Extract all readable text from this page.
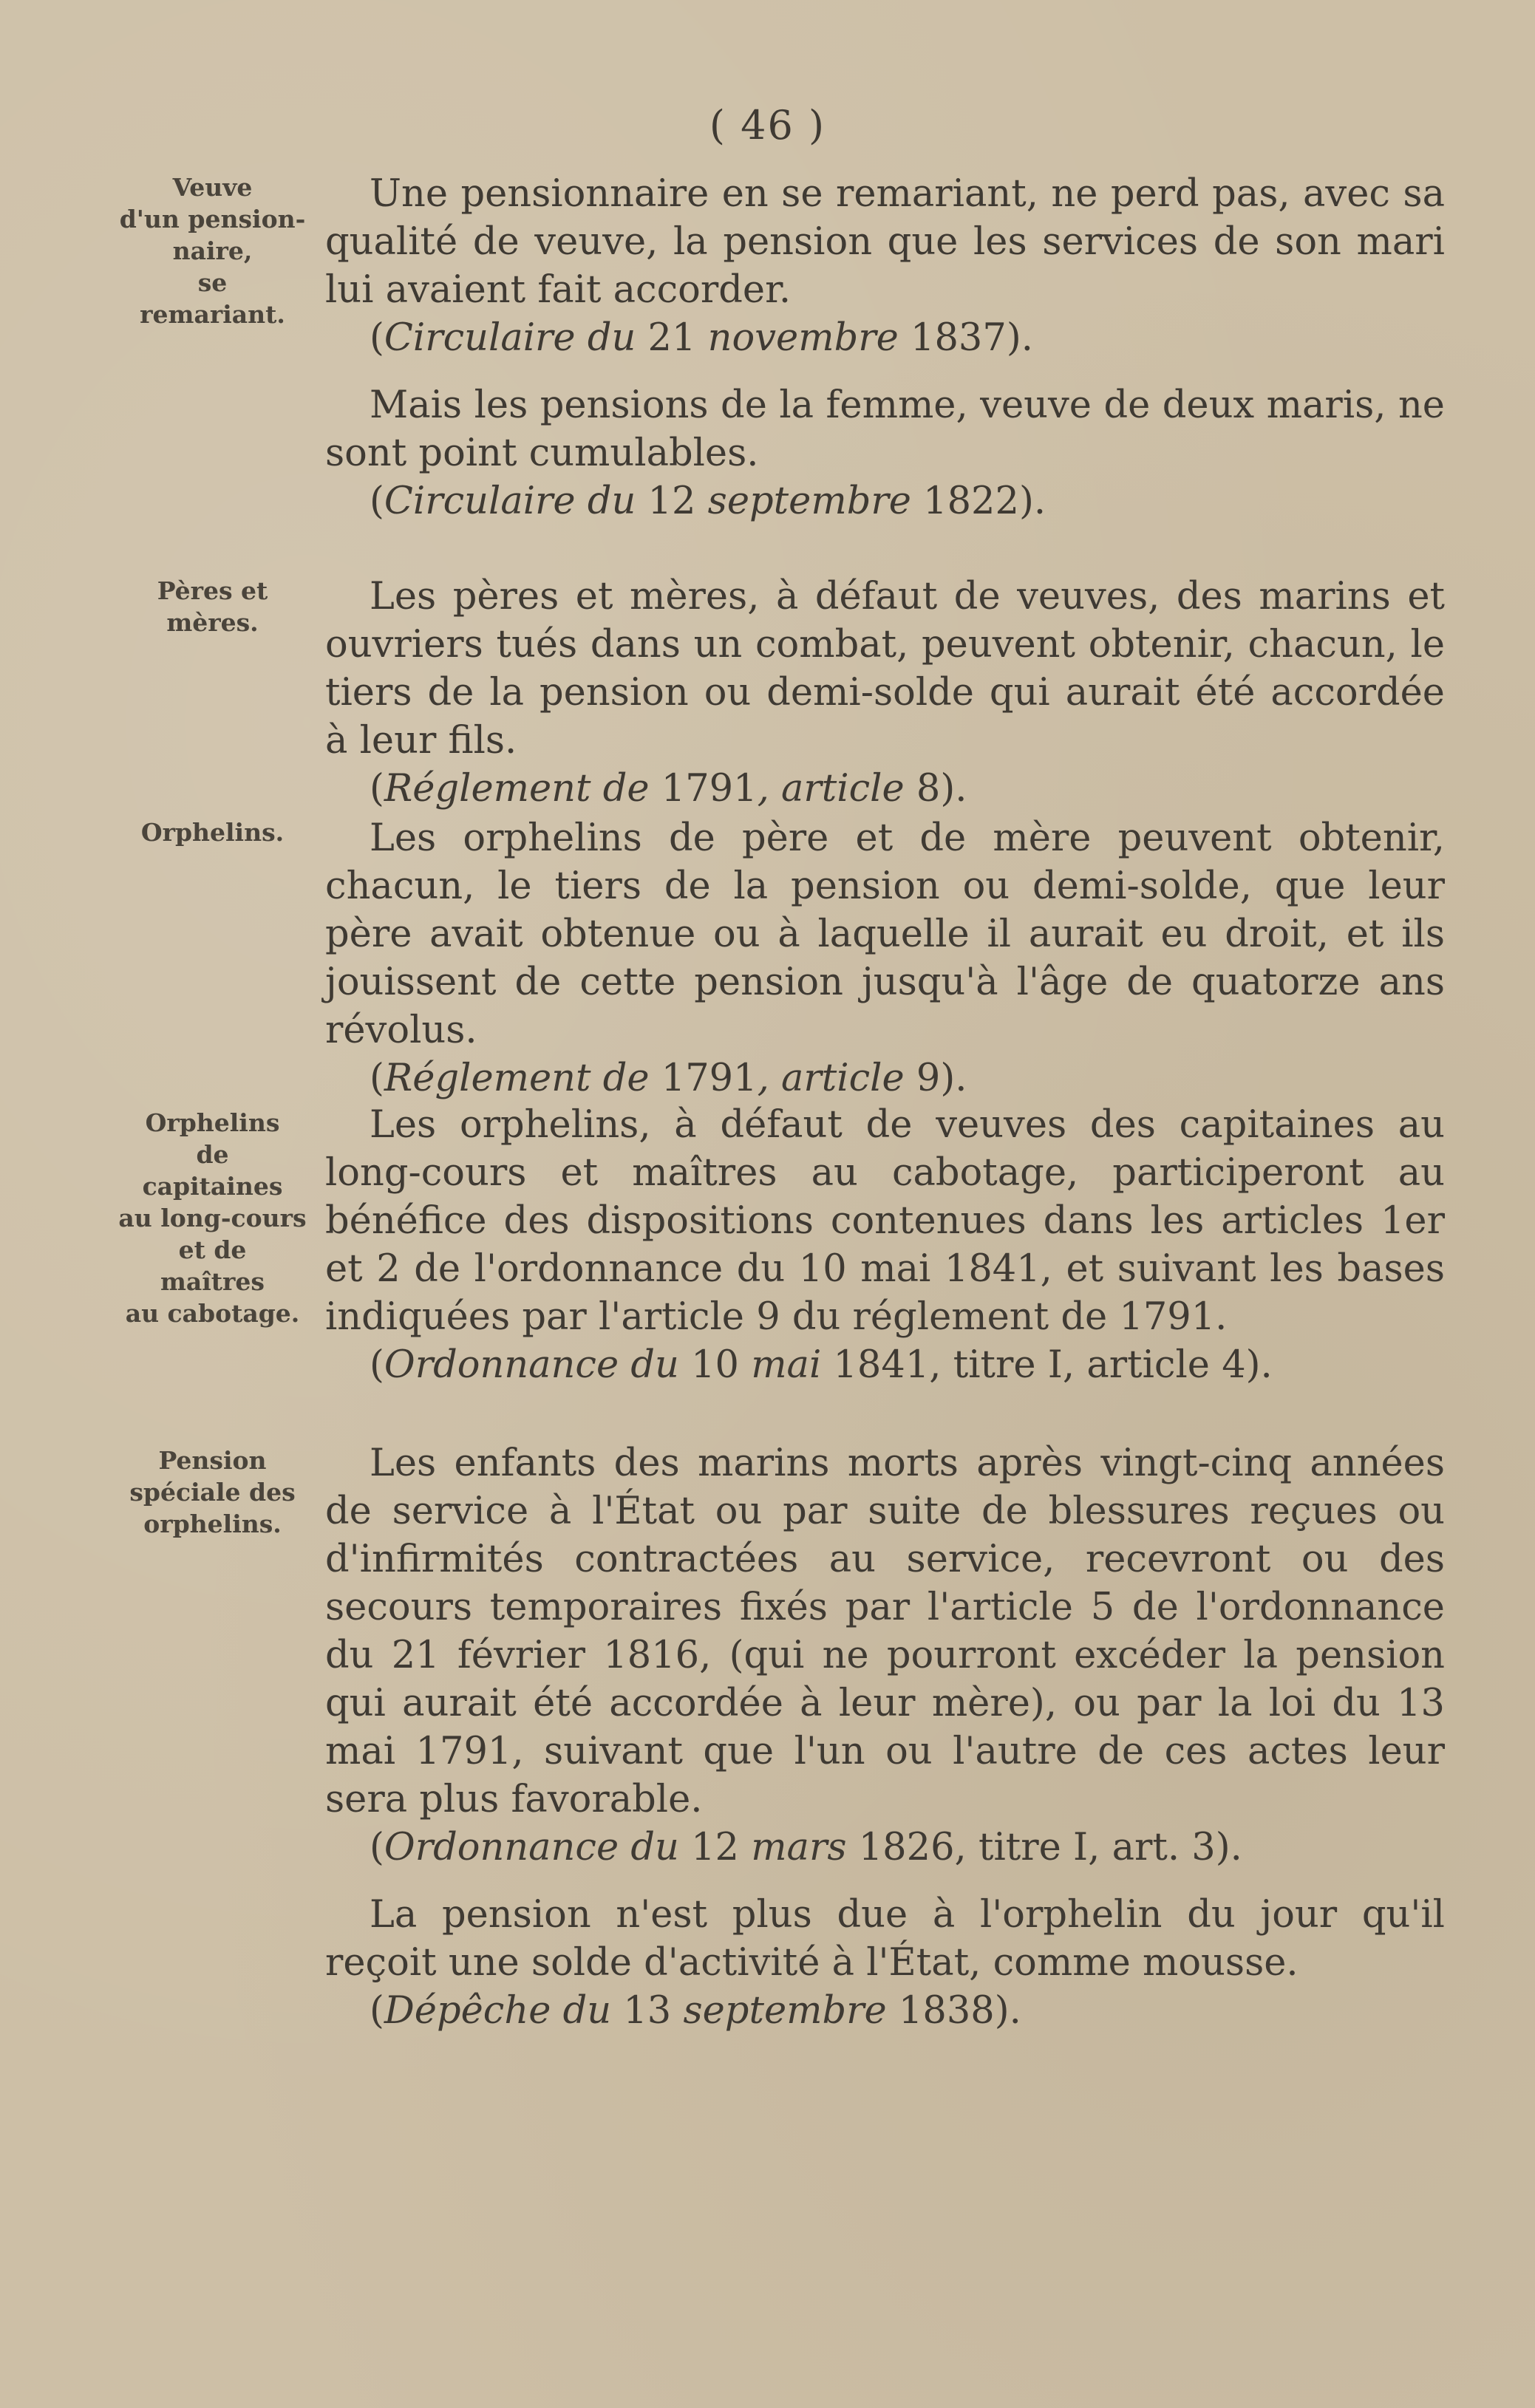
( 46 )
Veuve
d'un pension-
naire,
se
remariant.

Une pensionnaire en se remariant, ne perd pas, avec sa qualité de veuve, la pension que les services de son mari lui avaient fait accorder.

(Circulaire du 21 novembre 1837).

Mais les pensions de la femme, veuve de deux maris, ne sont point cumulables.

(Circulaire du 12 septembre 1822).

Pères et mères.

Les pères et mères, à défaut de veuves, des marins et ouvriers tués dans un combat, peuvent obtenir, chacun, le tiers de la pension ou demi-solde qui aurait été accordée à leur fils.

(Réglement de 1791, article 8).

Orphelins.	Les orphelins de père et de mère peuvent obtenir, chacun, le tiers de la pension ou demi-solde, que leur père avait obtenue ou à laquelle il aurait eu droit, et ils jouissent de cette pension jusqu'à l'âge de quatorze ans révolus.

(Réglement de 1791, article 9).

Orphelins
de
capitaines
au long-cours
et de
maîtres
au cabotage.

Les orphelins, à défaut de veuves des capitaines au long-cours et maîtres au cabotage, participeront au bénéfice des dispositions contenues dans les articles 1er et 2 de l'ordonnance du 10 mai 1841, et suivant les bases indiquées par l'article 9 du réglement de 1791.

(Ordonnance du 10 mai 1841, titre I, article 4).

Pension
spéciale des
orphelins.

Les enfants des marins morts après vingt-cinq années de service à l'État ou par suite de blessures reçues ou d'infirmités contractées au service, recevront ou des secours temporaires fixés par l'article 5 de l'ordonnance du 21 février 1816, (qui ne pourront excéder la pension qui aurait été accordée à leur mère), ou par la loi du 13 mai 1791, suivant que l'un ou l'autre de ces actes leur sera plus favorable.

(Ordonnance du 12 mars 1826, titre I, art. 3).

La pension n'est plus due à l'orphelin du jour qu'il reçoit une solde d'activité à l'État, comme mousse.

(Dépêche du 13 septembre 1838).
